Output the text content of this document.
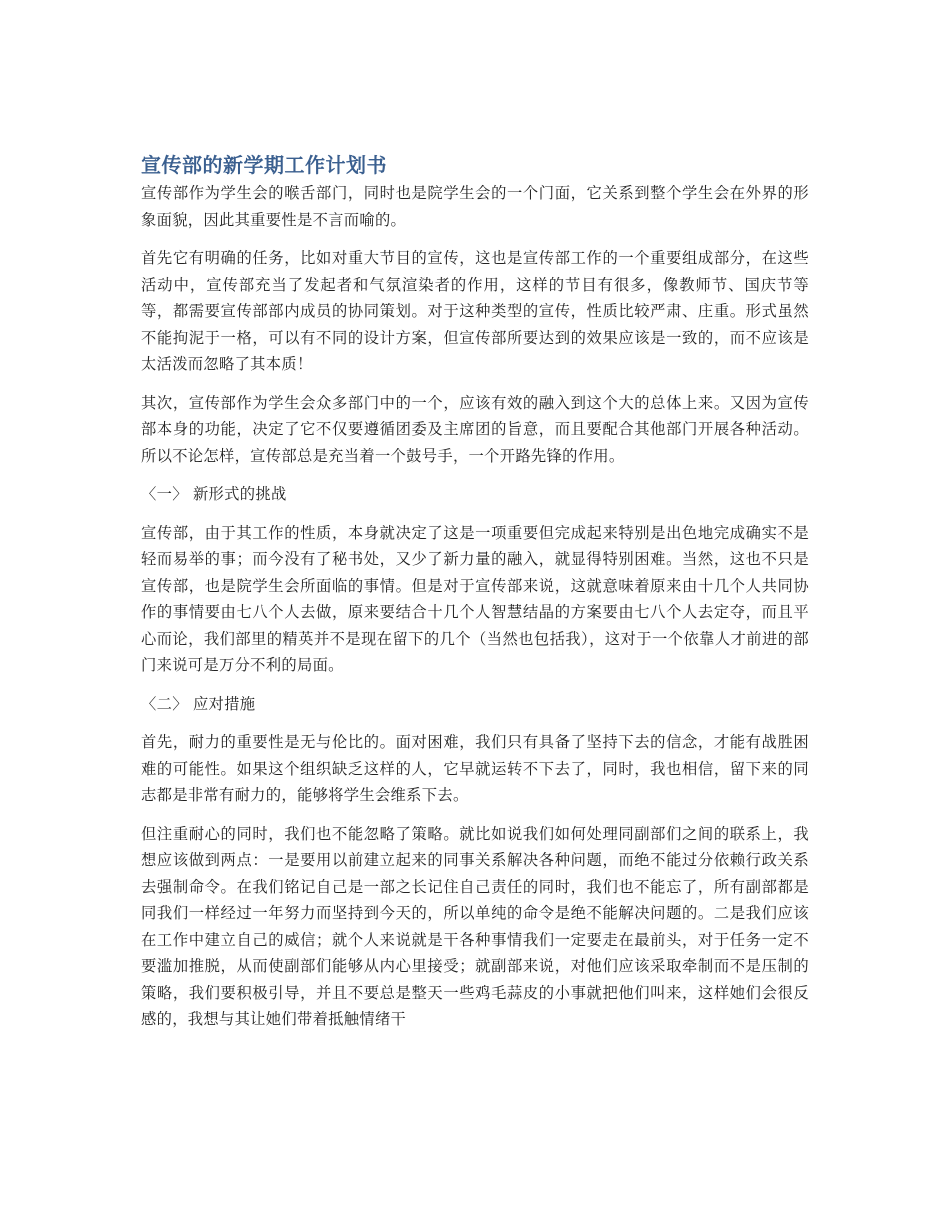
宣传部的新学期工作计划书

宣传部作为学生会的喉舌部门，同时也是院学生会的一个门面，它关系到整个学生会在外界的形象面貌，因此其重要性是不言而喻的。

首先它有明确的任务，比如对重大节目的宣传，这也是宣传部工作的一个重要组成部分，在这些活动中，宣传部充当了发起者和气氛渲染者的作用，这样的节目有很多，像教师节、国庆节等等，都需要宣传部部内成员的协同策划。对于这种类型的宣传，性质比较严肃、庄重。形式虽然不能拘泥于一格，可以有不同的设计方案，但宣传部所要达到的效果应该是一致的，而不应该是太活泼而忽略了其本质！

其次，宣传部作为学生会众多部门中的一个，应该有效的融入到这个大的总体上来。又因为宣传部本身的功能，决定了它不仅要遵循团委及主席团的旨意，而且要配合其他部门开展各种活动。所以不论怎样，宣传部总是充当着一个鼓号手，一个开路先锋的作用。

〈一〉 新形式的挑战

宣传部，由于其工作的性质，本身就决定了这是一项重要但完成起来特别是出色地完成确实不是轻而易举的事；而今没有了秘书处，又少了新力量的融入，就显得特别困难。当然，这也不只是宣传部，也是院学生会所面临的事情。但是对于宣传部来说，这就意味着原来由十几个人共同协作的事情要由七八个人去做，原来要结合十几个人智慧结晶的方案要由七八个人去定夺，而且平心而论，我们部里的精英并不是现在留下的几个（当然也包括我），这对于一个依靠人才前进的部门来说可是万分不利的局面。

〈二〉 应对措施

首先，耐力的重要性是无与伦比的。面对困难，我们只有具备了坚持下去的信念，才能有战胜困难的可能性。如果这个组织缺乏这样的人，它早就运转不下去了，同时，我也相信，留下来的同志都是非常有耐力的，能够将学生会维系下去。

但注重耐心的同时，我们也不能忽略了策略。就比如说我们如何处理同副部们之间的联系上，我想应该做到两点：一是要用以前建立起来的同事关系解决各种问题，而绝不能过分依赖行政关系去强制命令。在我们铭记自己是一部之长记住自己责任的同时，我们也不能忘了，所有副部都是同我们一样经过一年努力而坚持到今天的，所以单纯的命令是绝不能解决问题的。二是我们应该在工作中建立自己的威信；就个人来说就是干各种事情我们一定要走在最前头，对于任务一定不要滥加推脱，从而使副部们能够从内心里接受；就副部来说，对他们应该采取牵制而不是压制的策略，我们要积极引导，并且不要总是整天一些鸡毛蒜皮的小事就把他们叫来，这样她们会很反感的，我想与其让她们带着抵触情绪干
